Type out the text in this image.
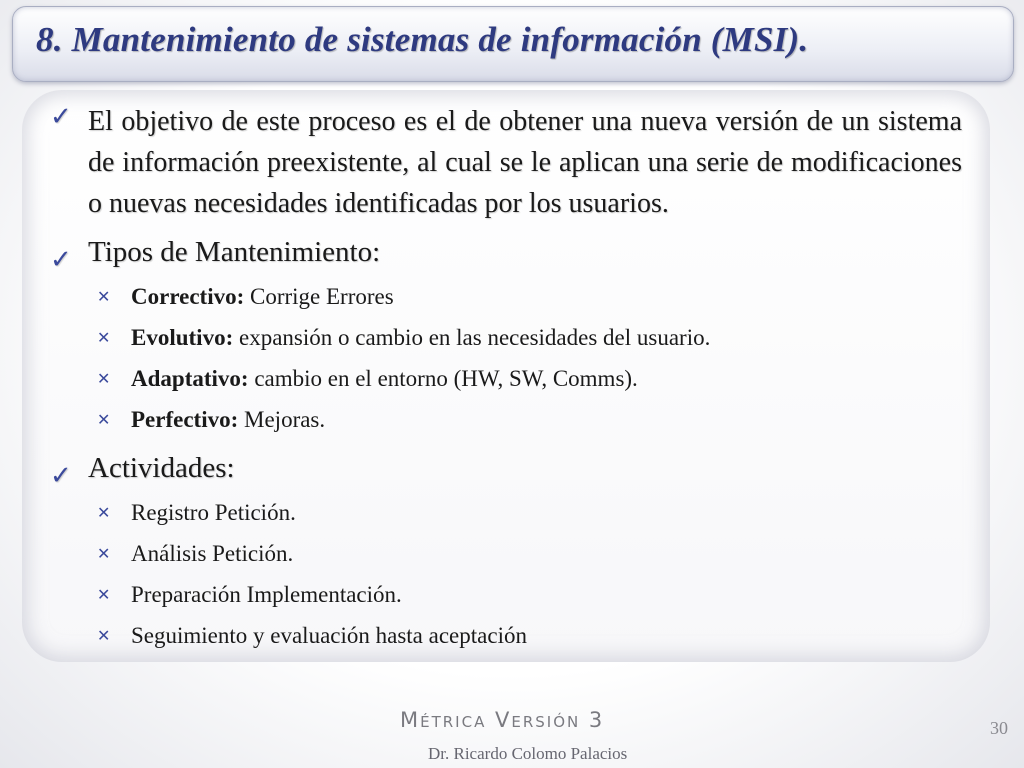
8. Mantenimiento de sistemas de información (MSI).
✓ El objetivo de este proceso es el de obtener una nueva versión de un sistema de información preexistente, al cual se le aplican una serie de modificaciones o nuevas necesidades identificadas por los usuarios.
✓ Tipos de Mantenimiento:
✕ Correctivo: Corrige Errores
✕ Evolutivo: expansión o cambio en las necesidades del usuario.
✕ Adaptativo: cambio en el entorno (HW, SW, Comms).
✕ Perfectivo: Mejoras.
✓ Actividades:
✕ Registro Petición.
✕ Análisis Petición.
✕ Preparación Implementación.
✕ Seguimiento y evaluación hasta aceptación
Métrica Versión 3
Dr. Ricardo Colomo Palacios
30
